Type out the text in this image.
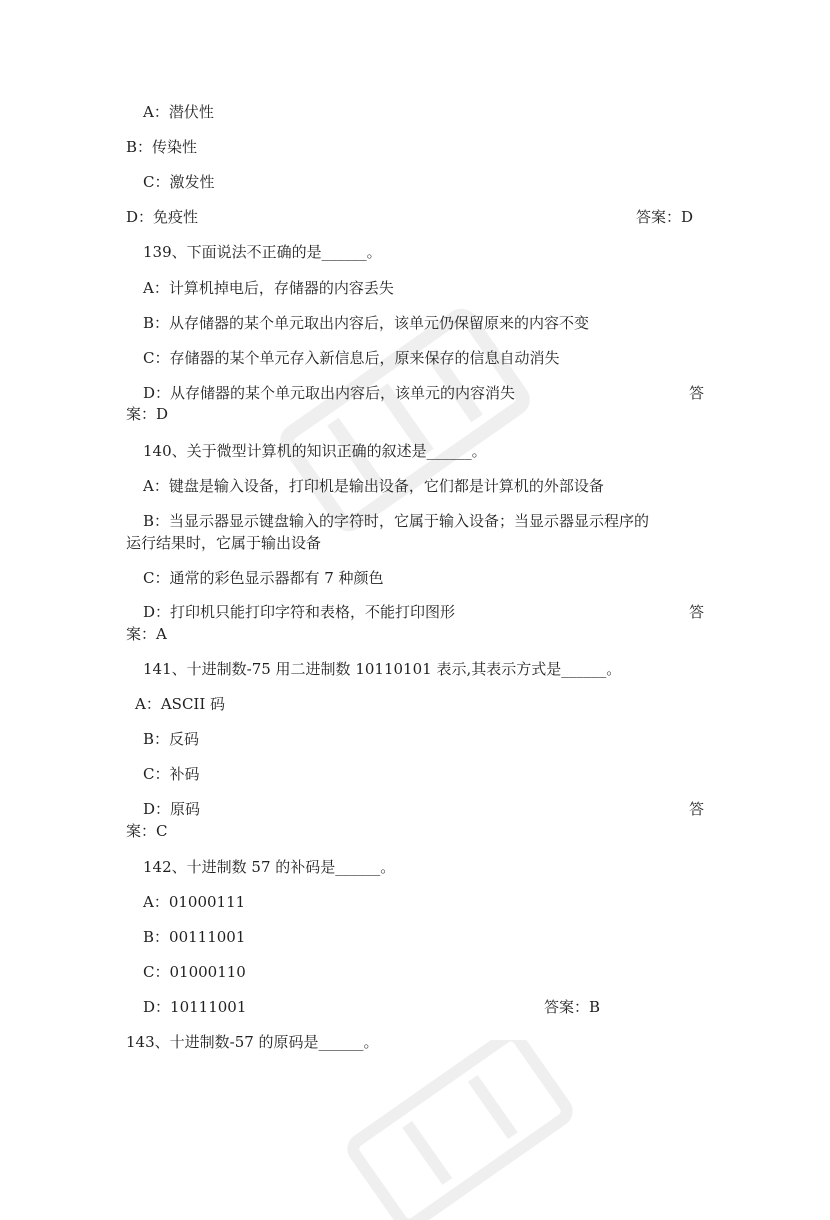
A：潜伏性
B：传染性
C：激发性
D：免疫性	答案：D
139、下面说法不正确的是______。
A：计算机掉电后，存储器的内容丢失
B：从存储器的某个单元取出内容后，该单元仍保留原来的内容不变
C：存储器的某个单元存入新信息后，原来保存的信息自动消失
D：从存储器的某个单元取出内容后，该单元的内容消失	答
案：D
140、关于微型计算机的知识正确的叙述是______。
A：键盘是输入设备，打印机是输出设备，它们都是计算机的外部设备
B：当显示器显示键盘输入的字符时，它属于输入设备；当显示器显示程序的
运行结果时，它属于输出设备
C：通常的彩色显示器都有 7 种颜色
D：打印机只能打印字符和表格，不能打印图形	答
案：A
141、十进制数-75 用二进制数 10110101 表示,其表示方式是______。
A：ASCII 码
B：反码
C：补码
D：原码	答
案：C
142、十进制数 57 的补码是______。
A：01000111
B：00111001
C：01000110
D：10111001	答案：B
143、十进制数-57 的原码是______。
